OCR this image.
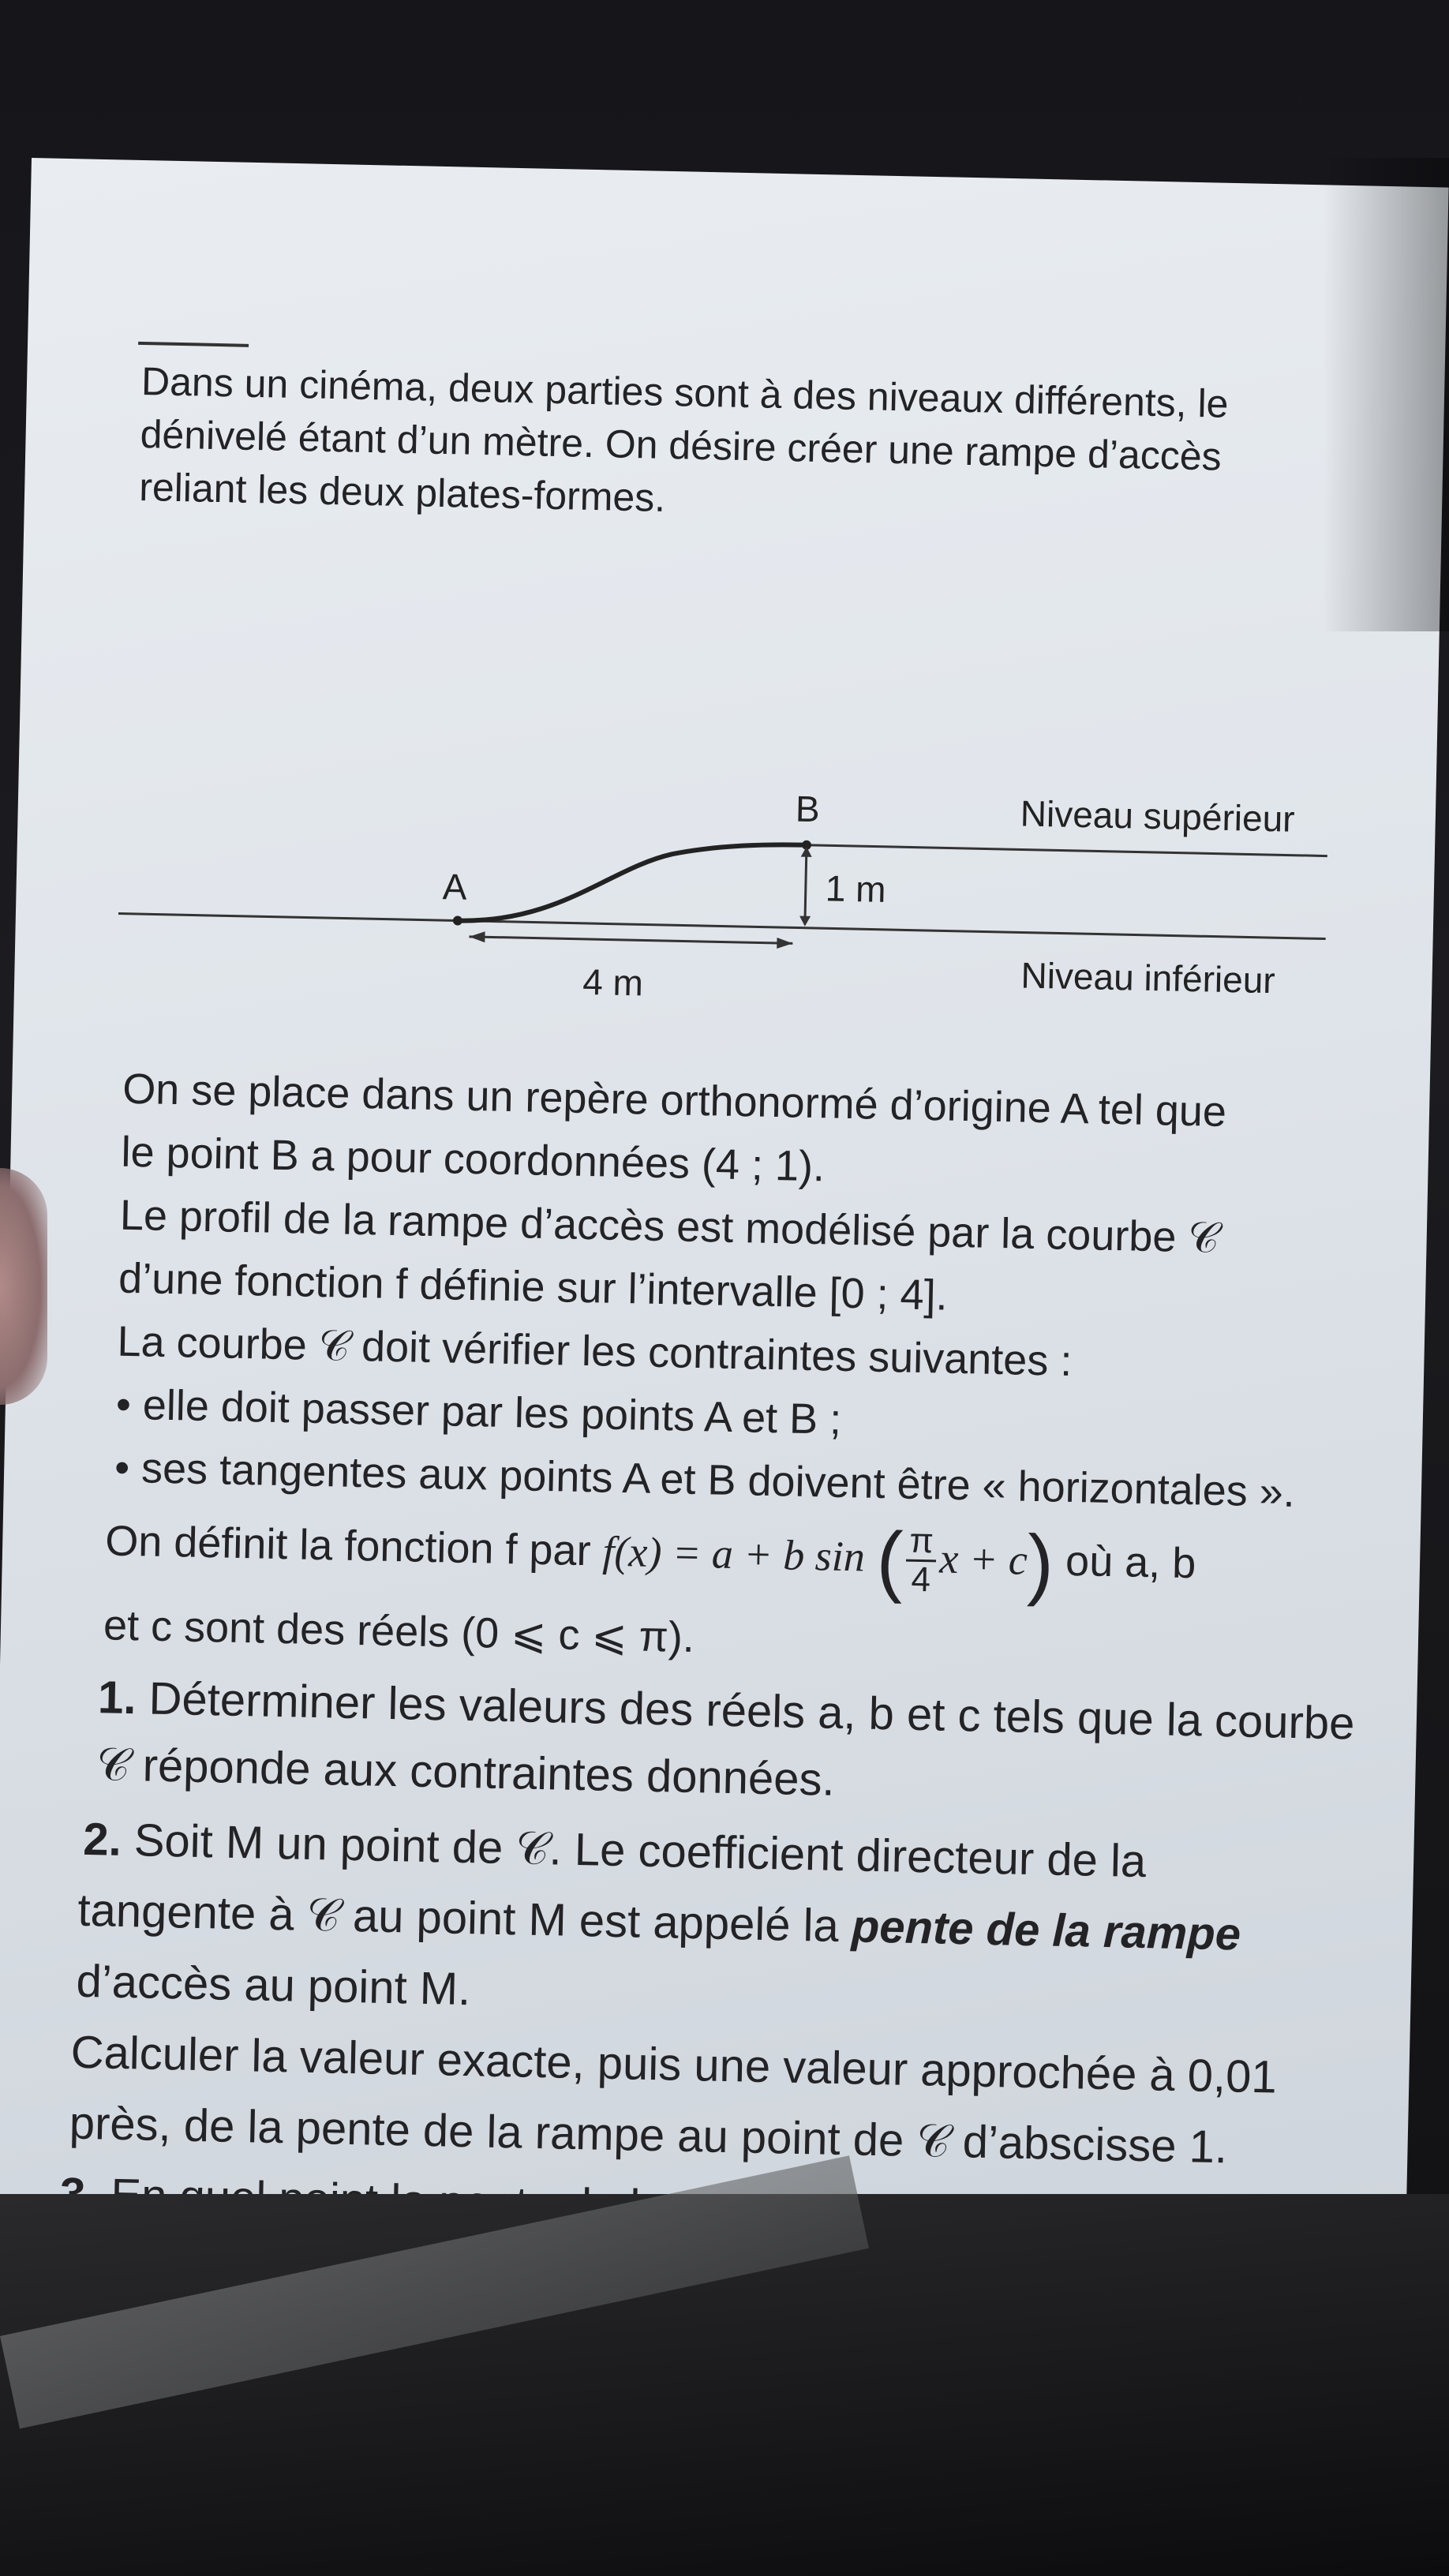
Dans un cinéma, deux parties sont à des niveaux différents, le
dénivelé étant d’un mètre. On désire créer une rampe d’accès
reliant les deux plates-formes.
A
B
1 m
4 m
Niveau supérieur
Niveau inférieur
On se place dans un repère orthonormé d’origine A tel que
le point B a pour coordonnées (4 ; 1).
Le profil de la rampe d’accès est modélisé par la courbe 𝒞
d’une fonction f définie sur l’intervalle [0 ; 4].
La courbe 𝒞 doit vérifier les contraintes suivantes :
• elle doit passer par les points A et B ;
• ses tangentes aux points A et B doivent être « horizontales ».
On définit la fonction f par f(x) = a + b sin ( $\frac{\pi}{4}$ x + c) où a, b
et c sont des réels (0 ⩽ c ⩽ π).
1. Déterminer les valeurs des réels a, b et c tels que la courbe
𝒞 réponde aux contraintes données.
2. Soit M un point de 𝒞. Le coefficient directeur de la
tangente à 𝒞 au point M est appelé la pente de la rampe
d’accès au point M.
Calculer la valeur exacte, puis une valeur approchée à 0,01
près, de la pente de la rampe au point de 𝒞 d’abscisse 1.
